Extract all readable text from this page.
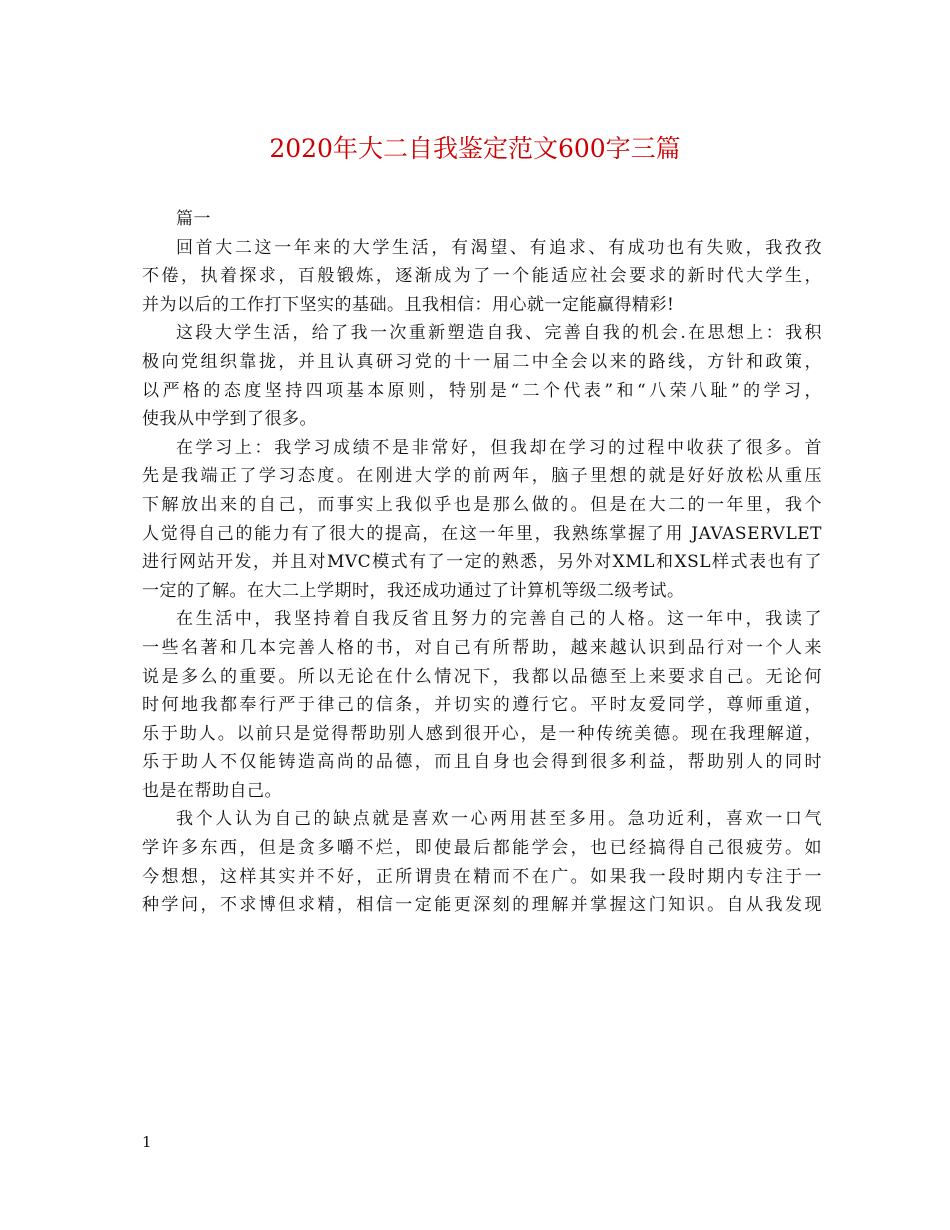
2020年大二自我鉴定范文600字三篇

篇一

回首大二这一年来的大学生活，有渴望、有追求、有成功也有失败，我孜孜
不倦，执着探求，百般锻炼，逐渐成为了一个能适应社会要求的新时代大学生，
并为以后的工作打下坚实的基础。且我相信：用心就一定能赢得精彩!

这段大学生活，给了我一次重新塑造自我、完善自我的机会.在思想上：我积
极向党组织靠拢，并且认真研习党的十一届二中全会以来的路线，方针和政策，
以严格的态度坚持四项基本原则，特别是“二个代表”和“八荣八耻”的学习，
使我从中学到了很多。

在学习上：我学习成绩不是非常好，但我却在学习的过程中收获了很多。首
先是我端正了学习态度。在刚进大学的前两年，脑子里想的就是好好放松从重压
下解放出来的自己，而事实上我似乎也是那么做的。但是在大二的一年里，我个
人觉得自己的能力有了很大的提高，在这一年里，我熟练掌握了用 JAVASERVLET
进行网站开发，并且对MVC模式有了一定的熟悉，另外对XML和XSL样式表也有了
一定的了解。在大二上学期时，我还成功通过了计算机等级二级考试。

在生活中，我坚持着自我反省且努力的完善自己的人格。这一年中，我读了
一些名著和几本完善人格的书，对自己有所帮助，越来越认识到品行对一个人来
说是多么的重要。所以无论在什么情况下，我都以品德至上来要求自己。无论何
时何地我都奉行严于律己的信条，并切实的遵行它。平时友爱同学，尊师重道，
乐于助人。以前只是觉得帮助别人感到很开心，是一种传统美德。现在我理解道，
乐于助人不仅能铸造高尚的品德，而且自身也会得到很多利益，帮助别人的同时
也是在帮助自己。

我个人认为自己的缺点就是喜欢一心两用甚至多用。急功近利，喜欢一口气
学许多东西，但是贪多嚼不烂，即使最后都能学会，也已经搞得自己很疲劳。如
今想想，这样其实并不好，正所谓贵在精而不在广。如果我一段时期内专注于一
种学问，不求博但求精，相信一定能更深刻的理解并掌握这门知识。自从我发现

1
